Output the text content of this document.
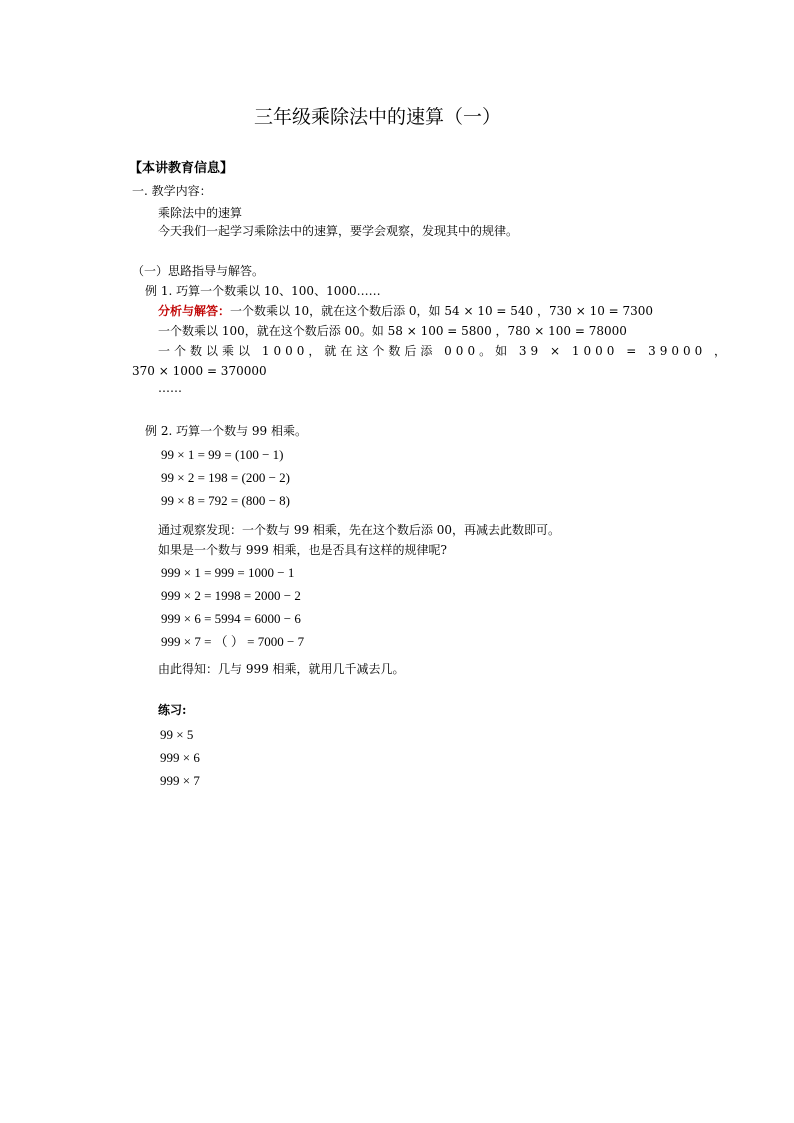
三年级乘除法中的速算（一）
【本讲教育信息】
一. 教学内容：
乘除法中的速算
今天我们一起学习乘除法中的速算，要学会观察，发现其中的规律。
（一）思路指导与解答。
例 1. 巧算一个数乘以 10、100、1000……
分析与解答：一个数乘以 10，就在这个数后添 0，如 54 × 10 = 540 ，730 × 10 = 7300
一个数乘以 100，就在这个数后添 00。如 58 × 100 = 5800 ，780 × 100 = 78000
一个数以乘以 1000，就在这个数后添 000。如 39 × 1000 = 39000 ，
370 × 1000 = 370000
……
例 2. 巧算一个数与 99 相乘。
99 × 1 = 99 = (100 − 1)
99 × 2 = 198 = (200 − 2)
99 × 8 = 792 = (800 − 8)
通过观察发现：一个数与 99 相乘，先在这个数后添 00，再减去此数即可。
如果是一个数与 999 相乘，也是否具有这样的规律呢?
999 × 1 = 999 = 1000 − 1
999 × 2 = 1998 = 2000 − 2
999 × 6 = 5994 = 6000 − 6
999 × 7 = （ ） = 7000 − 7
由此得知：几与 999 相乘，就用几千减去几。
练习:
99 × 5
999 × 6
999 × 7
